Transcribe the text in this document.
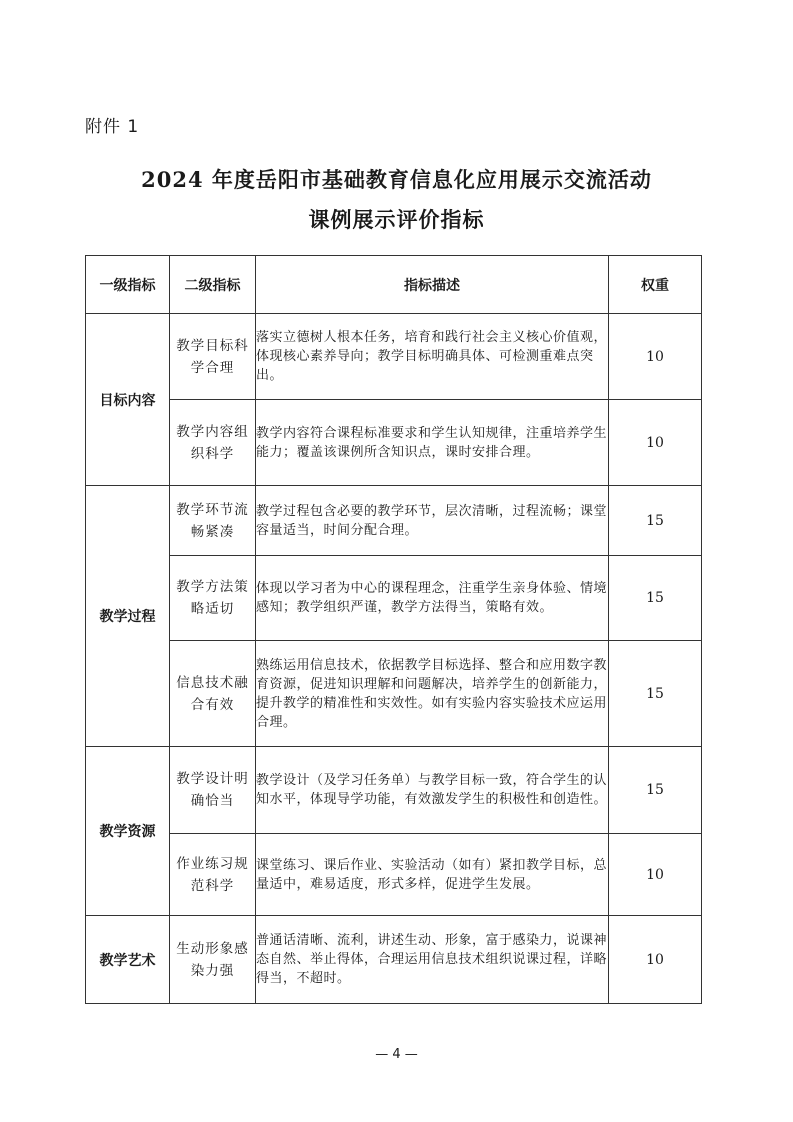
附件 1
2024 年度岳阳市基础教育信息化应用展示交流活动
课例展示评价指标
一级指标	二级指标	指标描述	权重
目标内容	教学目标科学合理	落实立德树人根本任务，培育和践行社会主义核心价值观，体现核心素养导向；教学目标明确具体、可检测重难点突出。	10
	教学内容组织科学	教学内容符合课程标准要求和学生认知规律，注重培养学生能力；覆盖该课例所含知识点，课时安排合理。	10
教学过程	教学环节流畅紧凑	教学过程包含必要的教学环节，层次清晰，过程流畅；课堂容量适当，时间分配合理。	15
	教学方法策略适切	体现以学习者为中心的课程理念，注重学生亲身体验、情境感知；教学组织严谨，教学方法得当，策略有效。	15
	信息技术融合有效	熟练运用信息技术，依据教学目标选择、整合和应用数字教育资源，促进知识理解和问题解决，培养学生的创新能力，提升教学的精准性和实效性。如有实验内容实验技术应运用合理。	15
教学资源	教学设计明确恰当	教学设计（及学习任务单）与教学目标一致，符合学生的认知水平，体现导学功能，有效激发学生的积极性和创造性。	15
	作业练习规范科学	课堂练习、课后作业、实验活动（如有）紧扣教学目标，总量适中，难易适度，形式多样，促进学生发展。	10
教学艺术	生动形象感染力强	普通话清晰、流利，讲述生动、形象，富于感染力，说课神态自然、举止得体，合理运用信息技术组织说课过程，详略得当，不超时。	10
— 4 —
